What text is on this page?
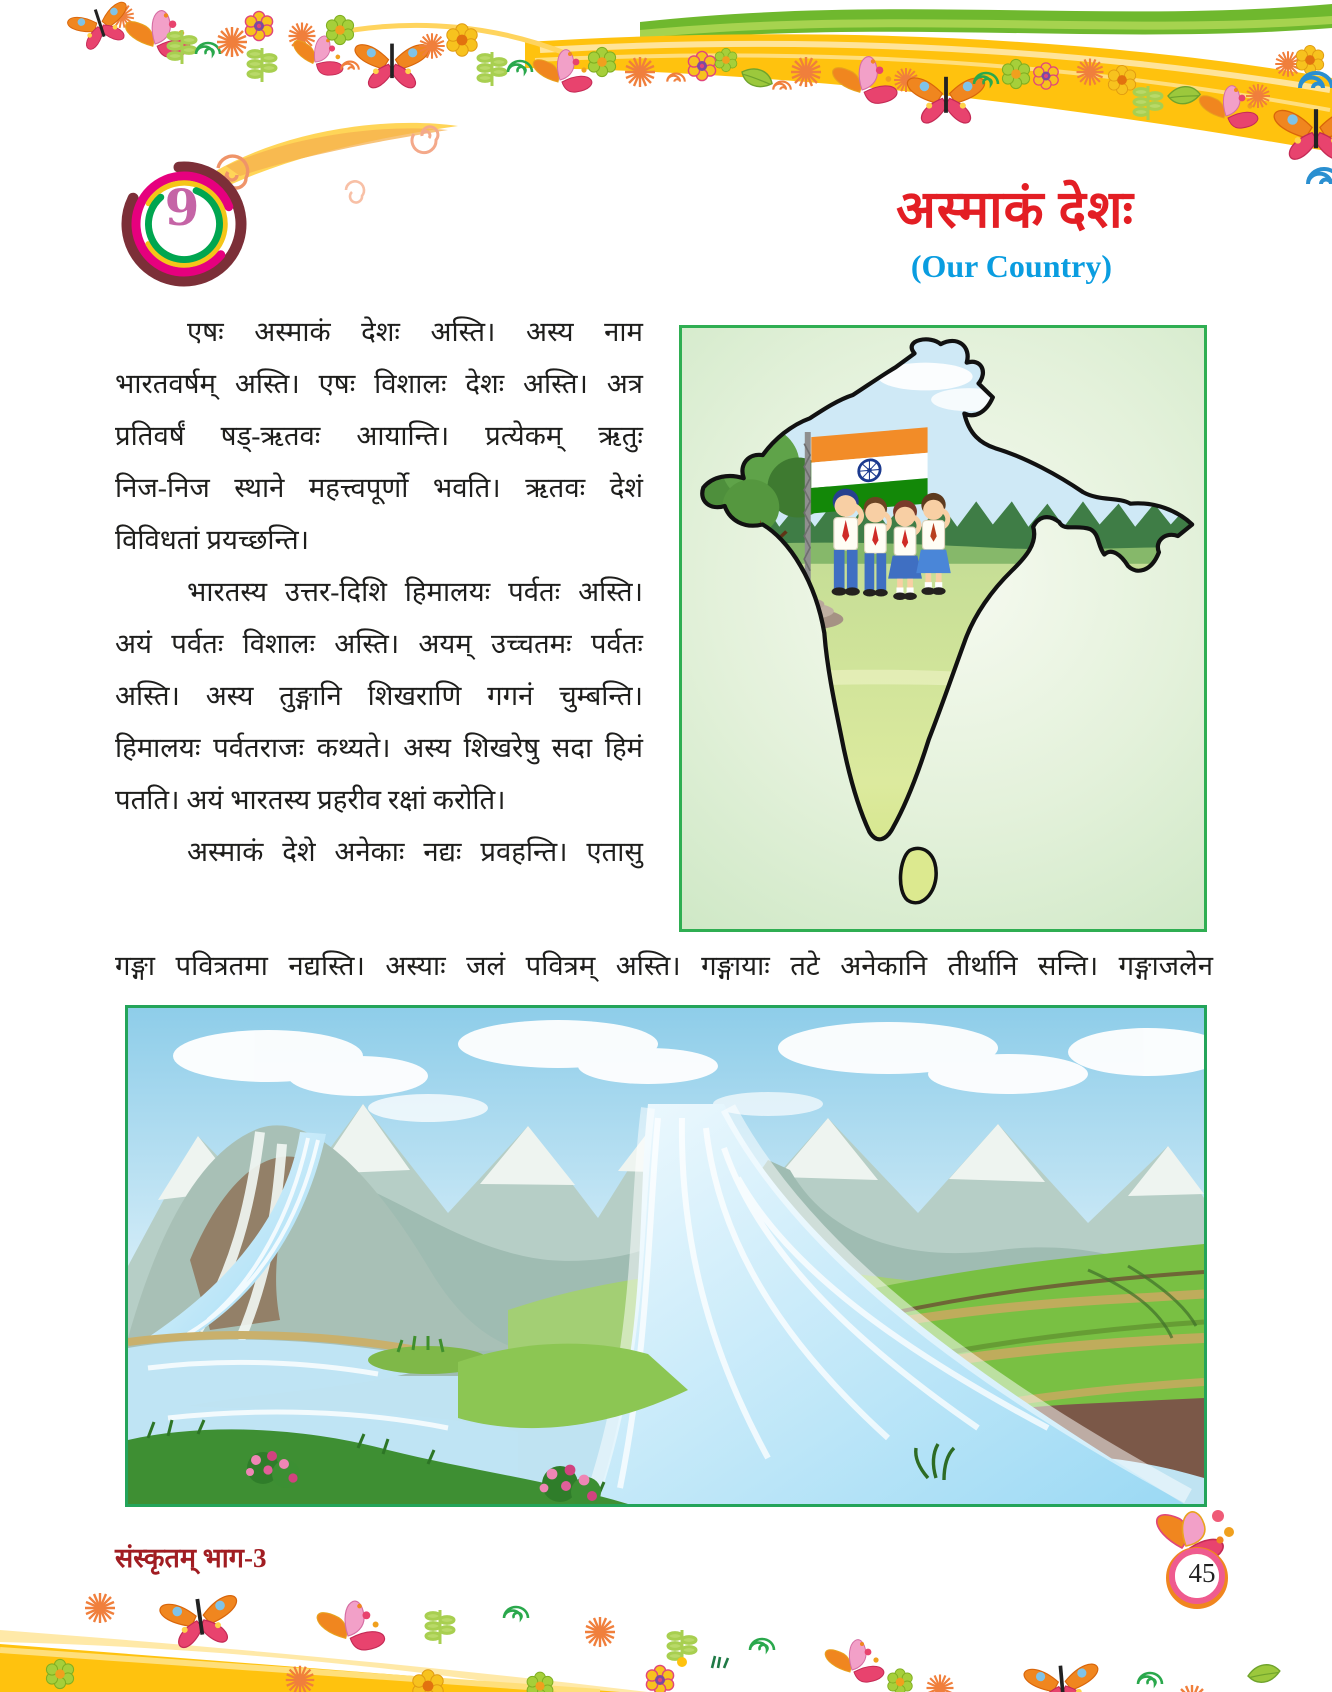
9	अस्माकं देशः
(Our Country)
एषः अस्माकं देशः अस्ति। अस्य नाम
भारतवर्षम् अस्ति। एषः विशालः देशः अस्ति। अत्र
प्रतिवर्षं षड्-ऋतवः आयान्ति। प्रत्येकम् ऋतुः
निज-निज स्थाने महत्त्वपूर्णो भवति। ऋतवः देशं
विविधतां प्रयच्छन्ति।
भारतस्य उत्तर-दिशि हिमालयः पर्वतः अस्ति।
अयं पर्वतः विशालः अस्ति। अयम् उच्चतमः पर्वतः
अस्ति। अस्य तुङ्गानि शिखराणि गगनं चुम्बन्ति।
हिमालयः पर्वतराजः कथ्यते। अस्य शिखरेषु सदा हिमं
पतति। अयं भारतस्य प्रहरीव रक्षां करोति।
अस्माकं देशे अनेकाः नद्यः प्रवहन्ति। एतासु
गङ्गा पवित्रतमा नद्यस्ति। अस्याः जलं पवित्रम् अस्ति। गङ्गायाः तटे अनेकानि तीर्थानि सन्ति। गङ्गाजलेन
संस्कृतम् भाग-3	45
